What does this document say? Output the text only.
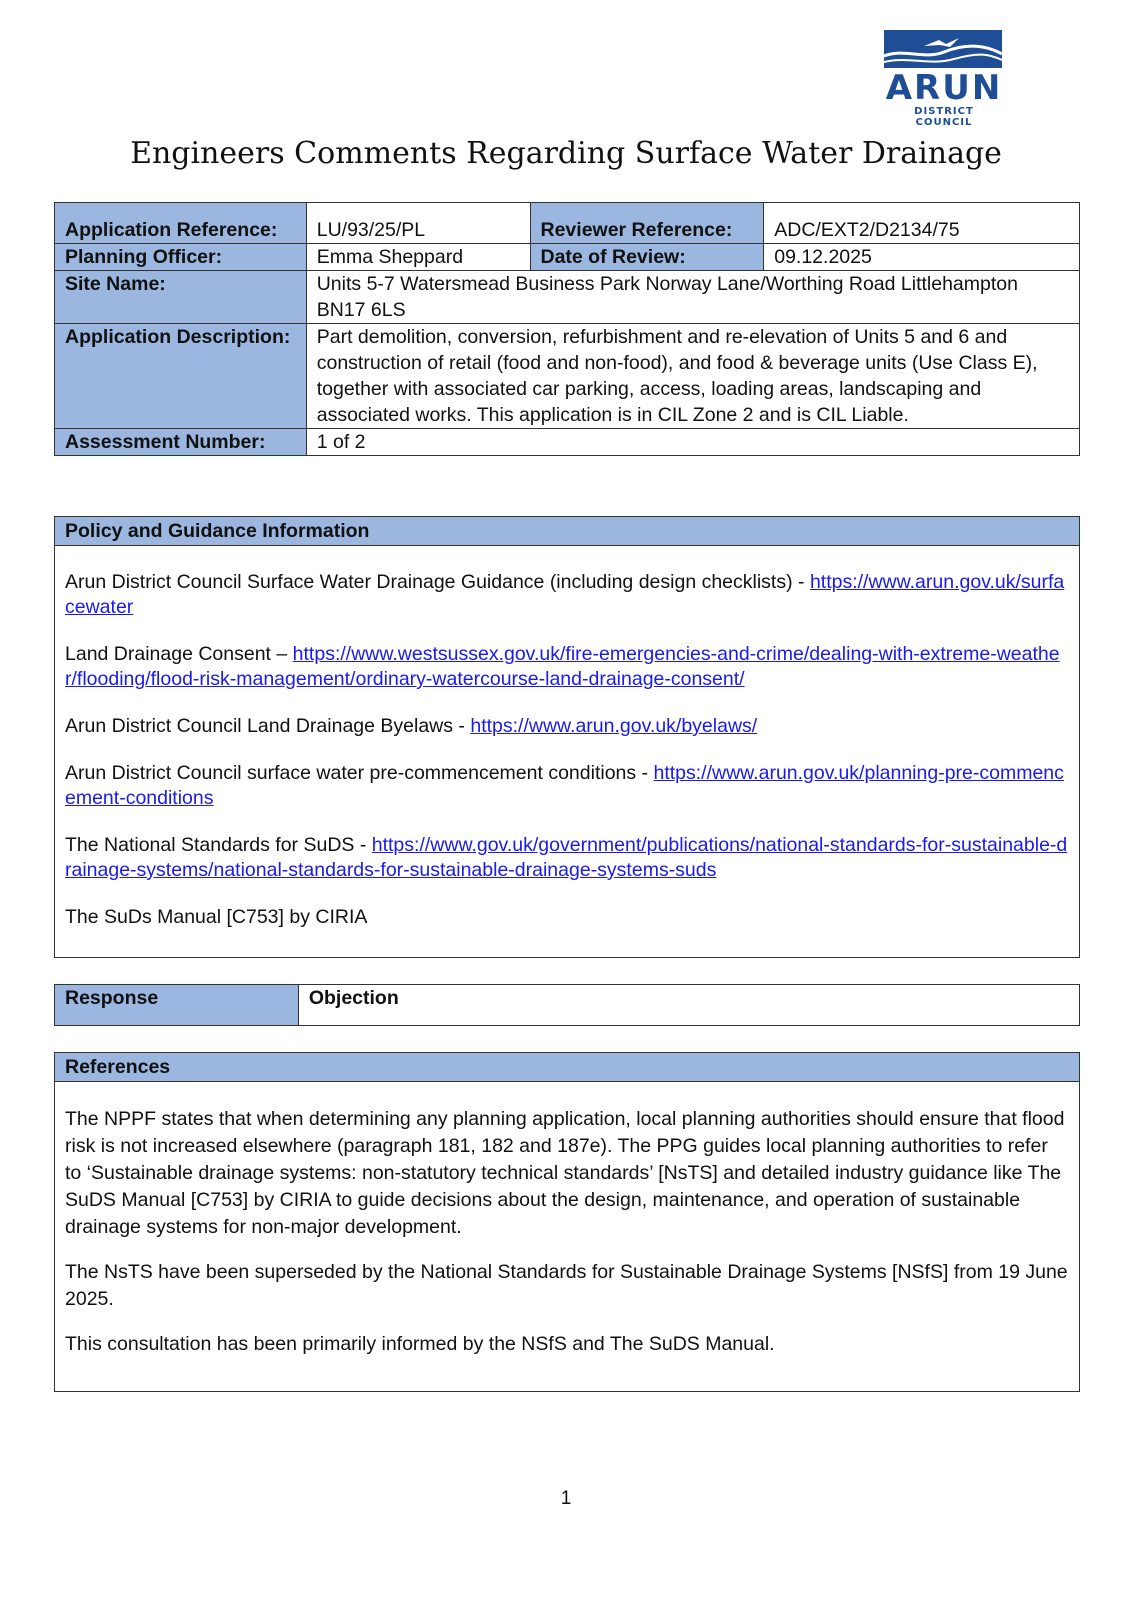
ARUN
DISTRICT COUNCIL
Engineers Comments Regarding Surface Water Drainage
Application Reference:	LU/93/25/PL	Reviewer Reference:	ADC/EXT2/D2134/75
Planning Officer:	Emma Sheppard	Date of Review:	09.12.2025
Site Name:	Units 5-7 Watersmead Business Park Norway Lane/Worthing Road Littlehampton BN17 6LS		
Application Description:	Part demolition, conversion, refurbishment and re-elevation of Units 5 and 6 and construction of retail (food and non-food), and food & beverage units (Use Class E), together with associated car parking, access, loading areas, landscaping and associated works. This application is in CIL Zone 2 and is CIL Liable.		
Assessment Number:	1 of 2		
Policy and Guidance Information

Arun District Council Surface Water Drainage Guidance (including design checklists) - https://www.arun.gov.uk/surfacewater

Land Drainage Consent – https://www.westsussex.gov.uk/fire-emergencies-and-crime/dealing-with-extreme-weather/flooding/flood-risk-management/ordinary-watercourse-land-drainage-consent/

Arun District Council Land Drainage Byelaws - https://www.arun.gov.uk/byelaws/

Arun District Council surface water pre-commencement conditions - https://www.arun.gov.uk/planning-pre-commencement-conditions

The National Standards for SuDS - https://www.gov.uk/government/publications/national-standards-for-sustainable-drainage-systems/national-standards-for-sustainable-drainage-systems-suds

The SuDs Manual [C753] by CIRIA

Response	Objection
References

The NPPF states that when determining any planning application, local planning authorities should ensure that flood risk is not increased elsewhere (paragraph 181, 182 and 187e). The PPG guides local planning authorities to refer to ‘Sustainable drainage systems: non-statutory technical standards’ [NsTS] and detailed industry guidance like The SuDS Manual [C753] by CIRIA to guide decisions about the design, maintenance, and operation of sustainable drainage systems for non-major development.

The NsTS have been superseded by the National Standards for Sustainable Drainage Systems [NSfS] from 19 June 2025.

This consultation has been primarily informed by the NSfS and The SuDS Manual.

1
